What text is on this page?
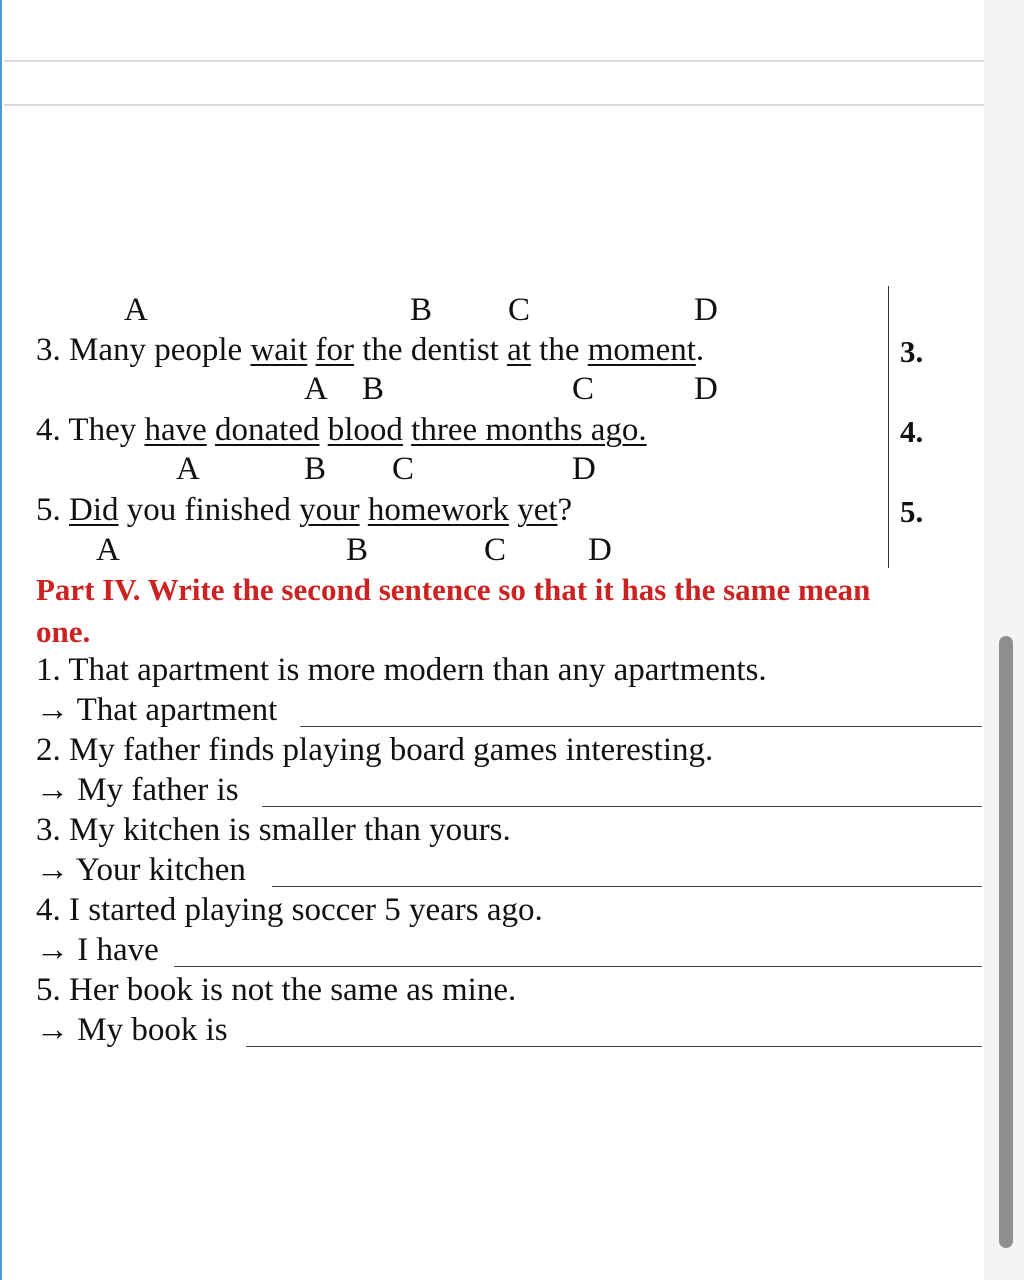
A	B C	D
3. Many people wait for the dentist at the moment.	3.
A B	C	D
4. They have donated blood three months ago.	4.
A	B C	D
5. Did you finished your homework yet?	5.
A	B	C D
Part IV. Write the second sentence so that it has the same mean
one.
1. That apartment is more modern than any apartments.
→ That apartment
2. My father finds playing board games interesting.
→ My father is
3. My kitchen is smaller than yours.
→ Your kitchen
4. I started playing soccer 5 years ago.
→ I have
5. Her book is not the same as mine.
→ My book is
